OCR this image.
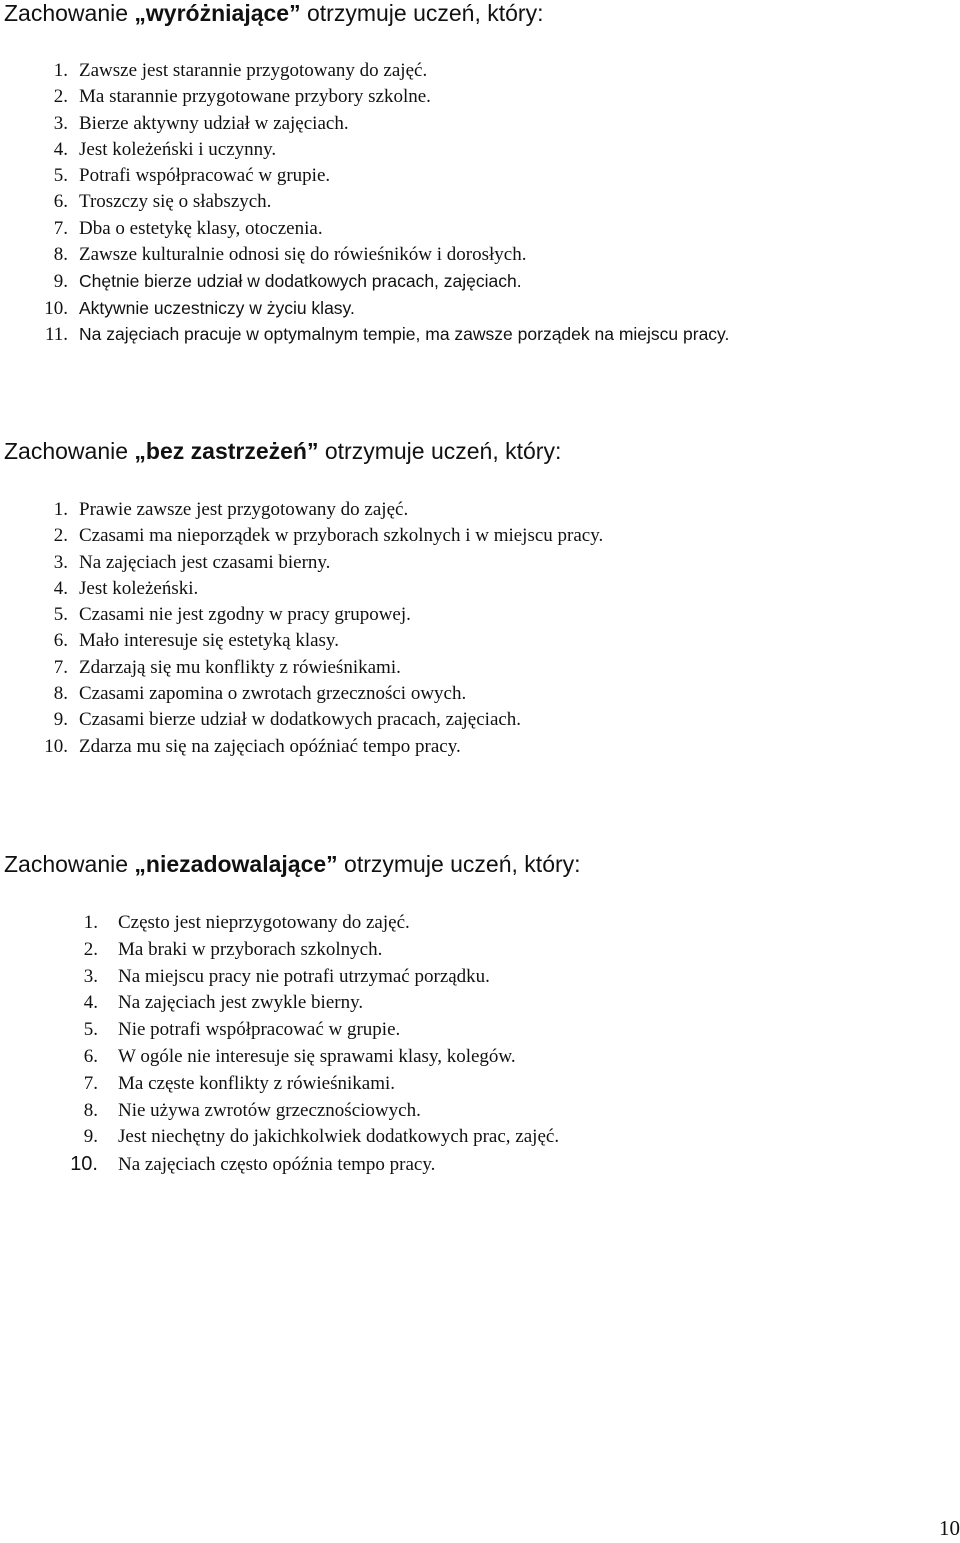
Zachowanie „wyróżniające” otrzymuje uczeń, który:
1. Zawsze jest starannie przygotowany do zajęć.
2. Ma starannie przygotowane przybory szkolne.
3. Bierze aktywny udział w zajęciach.
4. Jest koleżeński i uczynny.
5. Potrafi współpracować w grupie.
6. Troszczy się o słabszych.
7. Dba o estetykę klasy, otoczenia.
8. Zawsze kulturalnie odnosi się do rówieśników i dorosłych.
9. Chętnie bierze udział w dodatkowych pracach, zajęciach.
10. Aktywnie uczestniczy w życiu klasy.
11. Na zajęciach pracuje w optymalnym tempie, ma zawsze porządek na miejscu pracy.
Zachowanie „bez zastrzeżeń” otrzymuje uczeń, który:
1. Prawie zawsze jest przygotowany do zajęć.
2. Czasami ma nieporządek w przyborach szkolnych i w miejscu pracy.
3. Na zajęciach jest czasami bierny.
4. Jest koleżeński.
5. Czasami nie jest zgodny w pracy grupowej.
6. Mało interesuje się estetyką klasy.
7. Zdarzają się mu konflikty z rówieśnikami.
8. Czasami zapomina o zwrotach grzeczności owych.
9. Czasami bierze udział w dodatkowych pracach, zajęciach.
10. Zdarza mu się na zajęciach opóźniać tempo pracy.
Zachowanie „niezadowalające” otrzymuje uczeń, który:
1.	Często jest nieprzygotowany do zajęć.
2.	Ma braki w przyborach szkolnych.
3.	Na miejscu pracy nie potrafi utrzymać porządku.
4.	Na zajęciach jest zwykle bierny.
5.	Nie potrafi współpracować w grupie.
6.	W ogóle nie interesuje się sprawami klasy, kolegów.
7.	Ma częste konflikty z rówieśnikami.
8.	Nie używa zwrotów grzecznościowych.
9.	Jest niechętny do jakichkolwiek dodatkowych prac, zajęć.
10.	Na zajęciach często opóźnia tempo pracy.
10
